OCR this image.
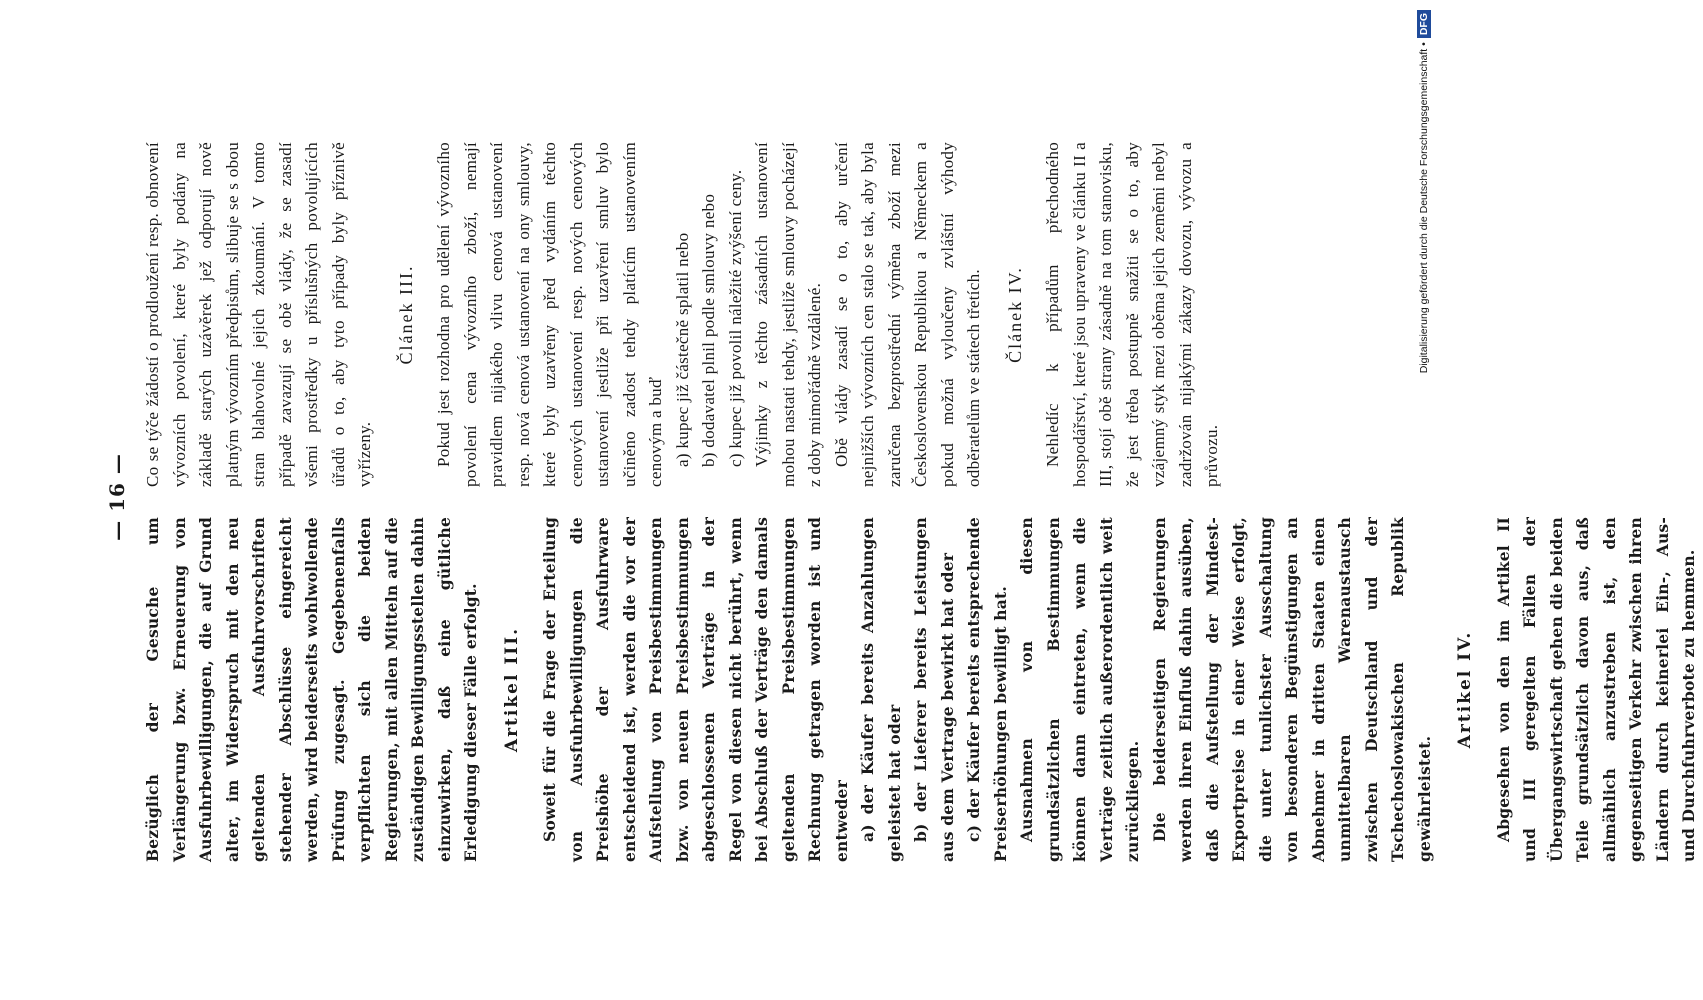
— 16 —

Bezüglich der Gesuche um Verlängerung bzw. Erneuerung von Ausfuhrbewilligungen, die auf Grund alter, im Widerspruch mit den neu geltenden Ausfuhrvorschriften stehender Abschlüsse eingereicht werden, wird beiderseits wohlwollende Prüfung zugesagt. Gegebenenfalls verpflichten sich die beiden Regierungen, mit allen Mitteln auf die zuständigen Bewilligungsstellen dahin einzuwirken, daß eine gütliche Erledigung dieser Fälle erfolgt. Artikel III. Soweit für die Frage der Erteilung von Ausfuhrbewilligungen die Preishöhe der Ausfuhrware entscheidend ist, werden die vor der Aufstellung von Preisbestimmungen bzw. von neuen Preisbestimmungen abgeschlossenen Verträge in der Regel von diesen nicht berührt, wenn bei Abschluß der Verträge den damals geltenden Preisbestimmungen Rechnung getragen worden ist und entweder a) der Käufer bereits Anzahlungen geleistet hat oder b) der Lieferer bereits Leistungen aus dem Vertrage bewirkt hat oder c) der Käufer bereits entsprechende Preiserhöhungen bewilligt hat. Ausnahmen von diesen grundsätzlichen Bestimmungen können dann eintreten, wenn die Verträge zeitlich außerordentlich weit zurückliegen. Die beiderseitigen Regierungen werden ihren Einfluß dahin ausüben, daß die Aufstellung der Mindest-Exportpreise in einer Weise erfolgt, die unter tunlichster Ausschaltung von besonderen Begünstigungen an Abnehmer in dritten Staaten einen unmittelbaren Warenaustausch zwischen Deutschland und der Tschechoslowakischen Republik gewährleistet.

Artikel IV. Abgesehen von den im Artikel II und III geregelten Fällen der Übergangswirtschaft gehen die beiden Teile grundsätzlich davon aus, daß allmählich anzustreben ist, den gegenseitigen Verkehr zwischen ihren Ländern durch keinerlei Ein-, Aus- und Durchfuhrverbote zu hemmen.

Co se týče žádostí o prodloužení resp. obnovení vývozních povolení, které byly podány na základě starých uzávěrek jež odporují nově platným vývozním předpisům, slibuje se s obou stran blahovolné jejich zkoumání. V tomto případě zavazují se obě vlády, že se zasadí všemi prostředky u příslušných povolujících úřadů o to, aby tyto případy byly příznivě vyřízeny.

Článek III. Pokud jest rozhodna pro udělení vývozního povolení cena vývozního zboží, nemají pravidlem nijakého vlivu cenová ustanovení resp. nová cenová ustanovení na ony smlouvy, které byly uzavřeny před vydáním těchto cenových ustanovení resp. nových cenových ustanovení jestliže při uzavření smluv bylo učiněno zadost tehdy platícím ustanovením cenovým a buď a) kupec již částečně splatil nebo b) dodavatel plnil podle smlouvy nebo c) kupec již povolil náležité zvýšení ceny. Výjimky z těchto zásadních ustanovení mohou nastati tehdy, jestliže smlouvy pocházejí z doby mimořádně vzdálené. Obě vlády zasadí se o to, aby určení nejnižších vývozních cen stalo se tak, aby byla zaručena bezprostřední výměna zboží mezi Československou Republikou a Německem a pokud možná vyloučeny zvláštní výhody odběratelům ve státech třetích. Článek IV. Nehledíc k případům přechodného hospodářství, které jsou upraveny ve článku II a III, stojí obě strany zásadně na tom stanovisku, že jest třeba postupně snažiti se o to, aby vzájemný styk mezi oběma jejich zeměmi nebyl zadržován nijakými zákazy dovozu, vývozu a průvozu.

Digitalisierung gefördert durch die Deutsche Forschungsgemeinschaft •DFG
